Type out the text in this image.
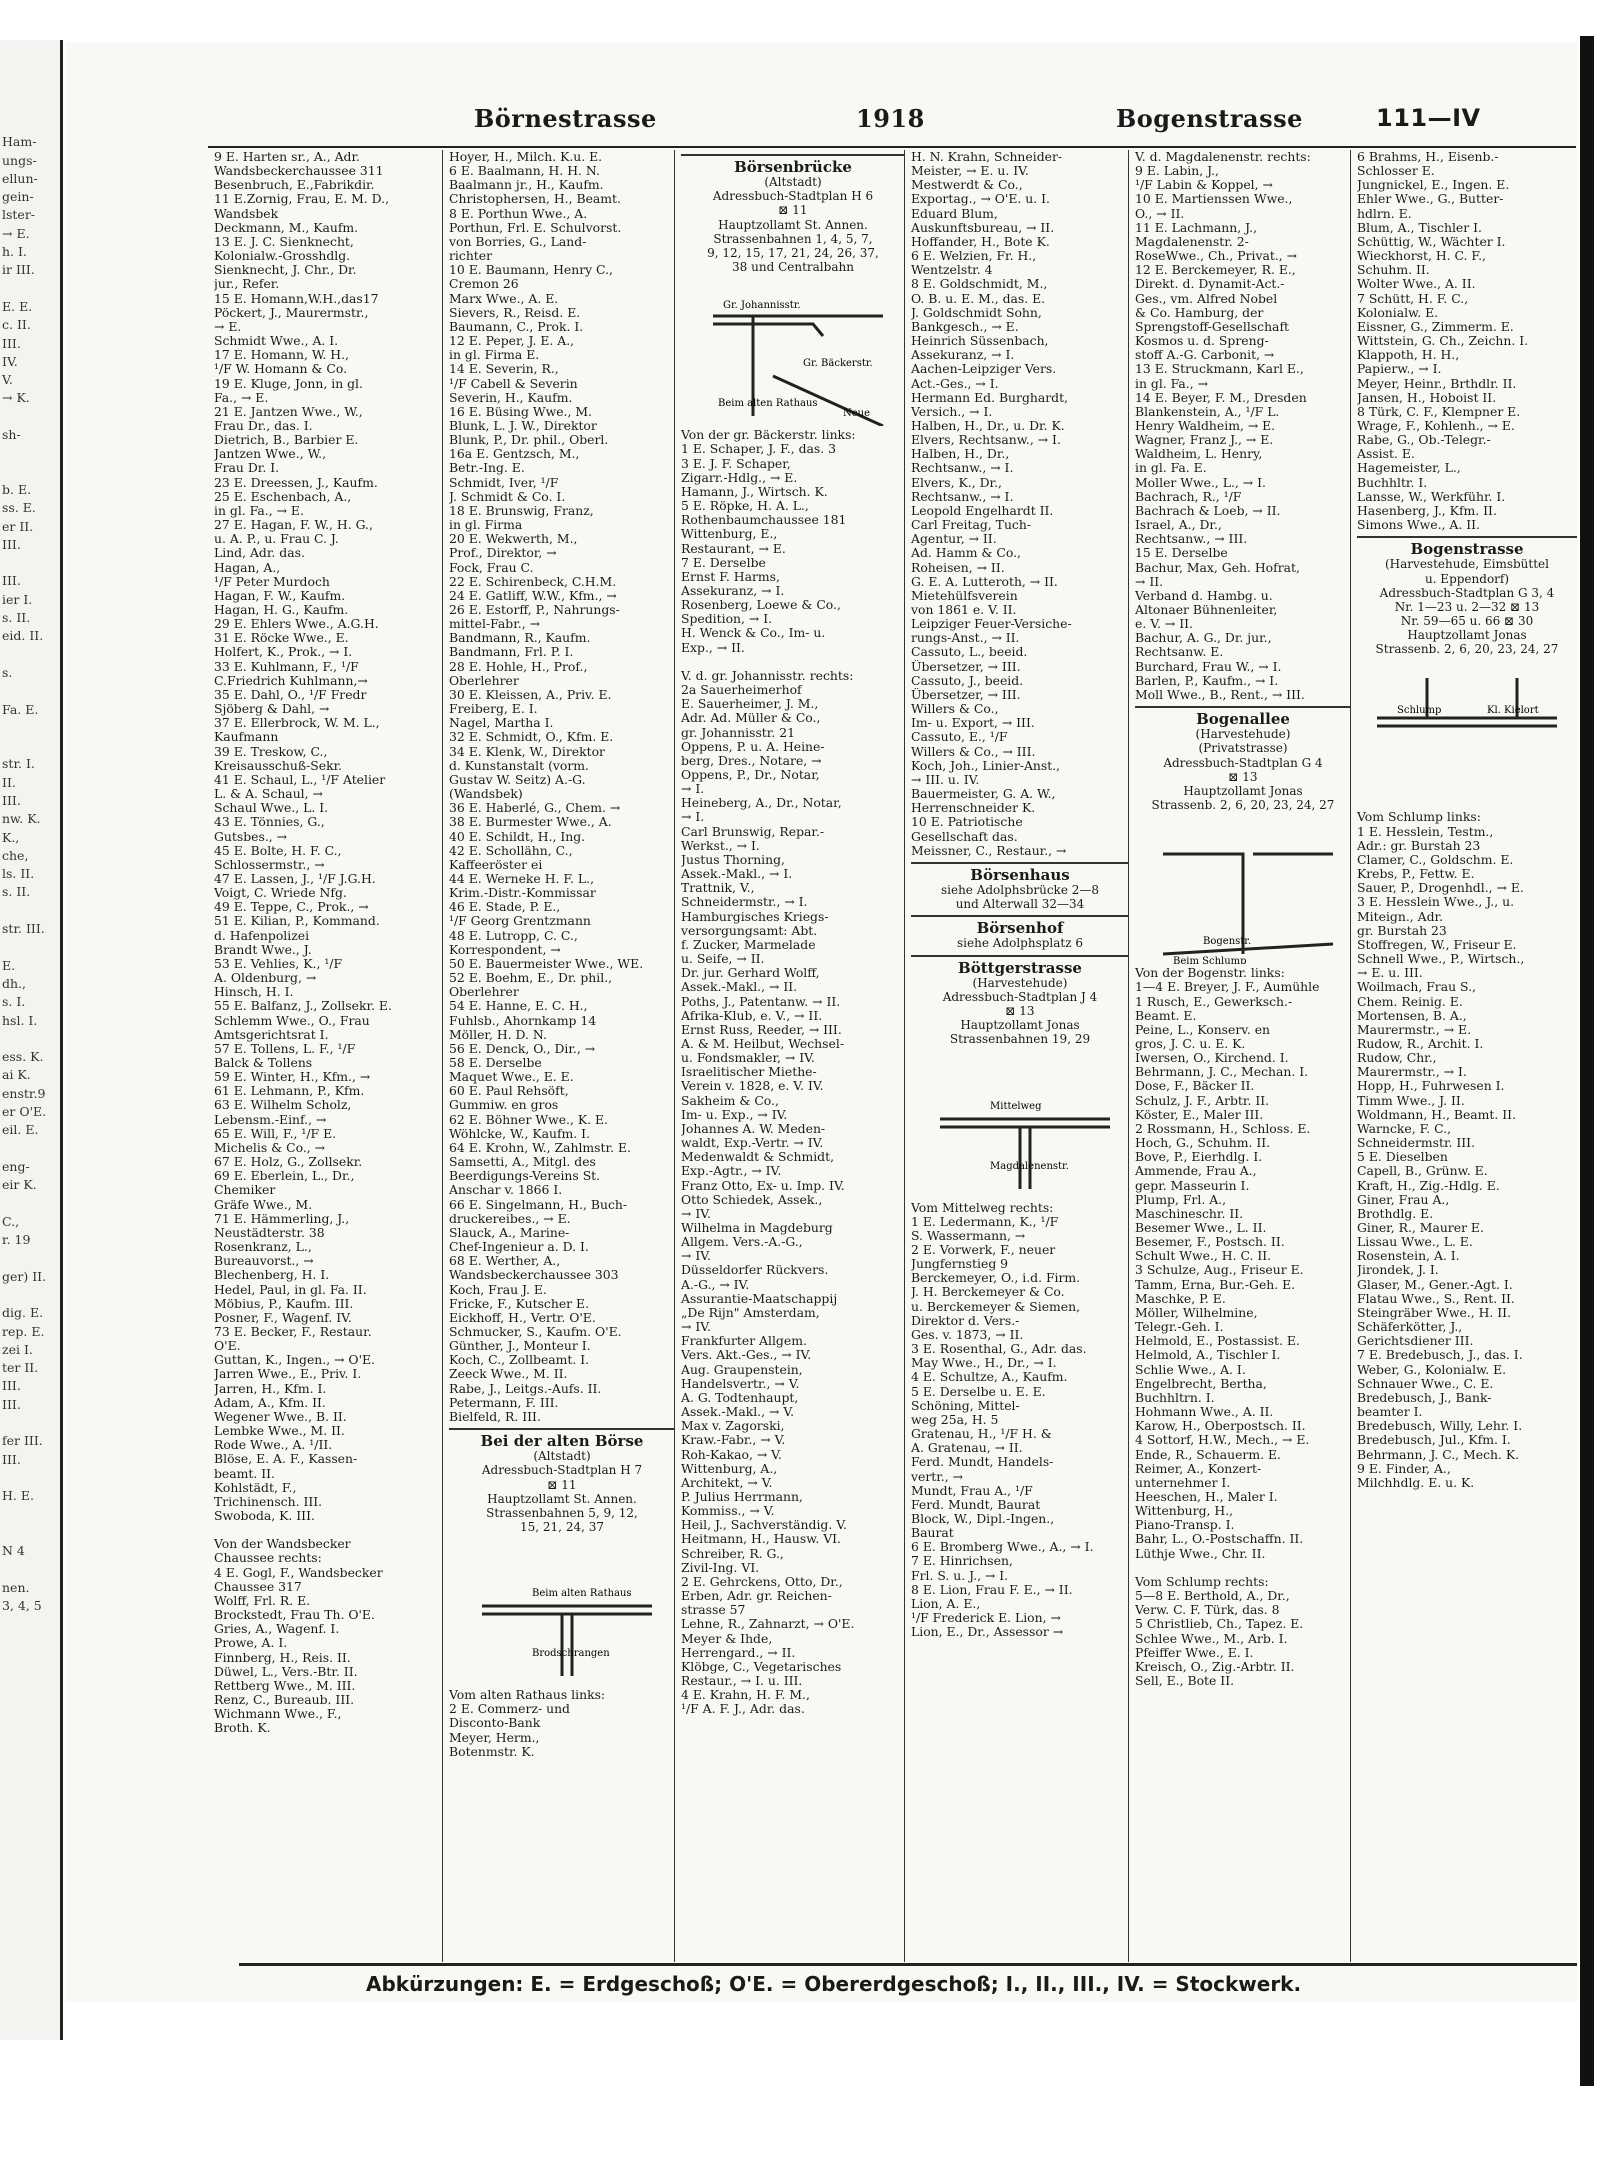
Ham-
ungs-
ellun-
gein-
lster-
→ E.
h. I.
ir III.

E. E.
c. II.
III.
IV.
V.
→ K.

sh-

b. E.
ss. E.
er II.
III.

III.
ier I.
s. II.
eid. II.

s.

Fa. E.

str. I.
II.
III.
nw. K.
K.,
che,
ls. II.
s. II.

str. III.

E.
dh.,
s. I.
hsl. I.

ess. K.
ai K.
enstr.9
er O'E.
eil. E.

eng-
eir K.

C.,
r. 19

ger) II.

dig. E.
rep. E.
zei I.
ter II.
III.
III.

fer III.
III.

H. E.

N 4

nen.
3, 4, 5
Börnestrasse	1918	Bogenstrasse	111—IV
9 E. Harten sr., A., Adr.
Wandsbeckerchaussee 311
Besenbruch, E.,Fabrikdir.
11 E.Zornig, Frau, E. M. D.,
Wandsbek
Deckmann, M., Kaufm.
13 E. J. C. Sienknecht,
Kolonialw.-Grosshdlg.
Sienknecht, J. Chr., Dr.
jur., Refer.
15 E. Homann,W.H.,das17
Pöckert, J., Maurermstr.,
→ E.
Schmidt Wwe., A. I.
17 E. Homann, W. H.,
¹/F W. Homann & Co.
19 E. Kluge, Jonn, in gl.
Fa., → E.
21 E. Jantzen Wwe., W.,
Frau Dr., das. I.
Dietrich, B., Barbier E.
Jantzen Wwe., W.,
Frau Dr. I.
23 E. Dreessen, J., Kaufm.
25 E. Eschenbach, A.,
in gl. Fa., → E.
27 E. Hagan, F. W., H. G.,
u. A. P., u. Frau C. J.
Lind, Adr. das.
Hagan, A.,
¹/F Peter Murdoch
Hagan, F. W., Kaufm.
Hagan, H. G., Kaufm.
29 E. Ehlers Wwe., A.G.H.
31 E. Röcke Wwe., E.
Holfert, K., Prok., → I.
33 E. Kuhlmann, F., ¹/F
C.Friedrich Kuhlmann,→
35 E. Dahl, O., ¹/F Fredr
Sjöberg & Dahl, →
37 E. Ellerbrock, W. M. L.,
Kaufmann
39 E. Treskow, C.,
Kreisausschuß-Sekr.
41 E. Schaul, L., ¹/F Atelier
L. & A. Schaul, →
Schaul Wwe., L. I.
43 E. Tönnies, G.,
Gutsbes., →
45 E. Bolte, H. F. C.,
Schlossermstr., →
47 E. Lassen, J., ¹/F J.G.H.
Voigt, C. Wriede Nfg.
49 E. Teppe, C., Prok., →
51 E. Kilian, P., Kommand.
d. Hafenpolizei
Brandt Wwe., J.
53 E. Vehlies, K., ¹/F
A. Oldenburg, →
Hinsch, H. I.
55 E. Balfanz, J., Zollsekr. E.
Schlemm Wwe., O., Frau
Amtsgerichtsrat I.
57 E. Tollens, L. F., ¹/F
Balck & Tollens
59 E. Winter, H., Kfm., →
61 E. Lehmann, P., Kfm.
63 E. Wilhelm Scholz,
Lebensm.-Einf., →
65 E. Will, F., ¹/F E.
Michelis & Co., →
67 E. Holz, G., Zollsekr.
69 E. Eberlein, L., Dr.,
Chemiker
Gräfe Wwe., M.
71 E. Hämmerling, J.,
Neustädterstr. 38
Rosenkranz, L.,
Bureauvorst., →
Blechenberg, H. I.
Hedel, Paul, in gl. Fa. II.
Möbius, P., Kaufm. III.
Posner, F., Wagenf. IV.
73 E. Becker, F., Restaur.
O'E.
Guttan, K., Ingen., → O'E.
Jarren Wwe., E., Priv. I.
Jarren, H., Kfm. I.
Adam, A., Kfm. II.
Wegener Wwe., B. II.
Lembke Wwe., M. II.
Rode Wwe., A. ¹/II.
Blöse, E. A. F., Kassen-
beamt. II.
Kohlstädt, F.,
Trichinensch. III.
Swoboda, K. III.

Von der Wandsbecker
Chaussee rechts:
4 E. Gogl, F., Wandsbecker
Chaussee 317
Wolff, Frl. R. E.
Brockstedt, Frau Th. O'E.
Gries, A., Wagenf. I.
Prowe, A. I.
Finnberg, H., Reis. II.
Düwel, L., Vers.-Btr. II.
Rettberg Wwe., M. III.
Renz, C., Bureaub. III.
Wichmann Wwe., F.,
Broth. K.
Hoyer, H., Milch. K.u. E.
6 E. Baalmann, H. H. N.
Baalmann jr., H., Kaufm.
Christophersen, H., Beamt.
8 E. Porthun Wwe., A.
Porthun, Frl. E. Schulvorst.
von Borries, G., Land-
richter
10 E. Baumann, Henry C.,
Cremon 26
Marx Wwe., A. E.
Sievers, R., Reisd. E.
Baumann, C., Prok. I.
12 E. Peper, J. E. A.,
in gl. Firma E.
14 E. Severin, R.,
¹/F Cabell & Severin
Severin, H., Kaufm.
16 E. Büsing Wwe., M.
Blunk, L. J. W., Direktor
Blunk, P., Dr. phil., Oberl.
16a E. Gentzsch, M.,
Betr.-Ing. E.
Schmidt, Iver, ¹/F
J. Schmidt & Co. I.
18 E. Brunswig, Franz,
in gl. Firma
20 E. Wekwerth, M.,
Prof., Direktor, →
Fock, Frau C.
22 E. Schirenbeck, C.H.M.
24 E. Gatliff, W.W., Kfm., →
26 E. Estorff, P., Nahrungs-
mittel-Fabr., →
Bandmann, R., Kaufm.
Bandmann, Frl. P. I.
28 E. Hohle, H., Prof.,
Oberlehrer
30 E. Kleissen, A., Priv. E.
Freiberg, E. I.
Nagel, Martha I.
32 E. Schmidt, O., Kfm. E.
34 E. Klenk, W., Direktor
d. Kunstanstalt (vorm.
Gustav W. Seitz) A.-G.
(Wandsbek)
36 E. Haberlé, G., Chem. →
38 E. Burmester Wwe., A.
40 E. Schildt, H., Ing.
42 E. Schollähn, C.,
Kaffeeröster ei
44 E. Werneke H. F. L.,
Krim.-Distr.-Kommissar
46 E. Stade, P. E.,
¹/F Georg Grentzmann
48 E. Lutropp, C. C.,
Korrespondent, →
50 E. Bauermeister Wwe., WE.
52 E. Boehm, E., Dr. phil.,
Oberlehrer
54 E. Hanne, E. C. H.,
Fuhlsb., Ahornkamp 14
Möller, H. D. N.
56 E. Denck, O., Dir., →
58 E. Derselbe
Maquet Wwe., E. E.
60 E. Paul Rehsöft,
Gummiw. en gros
62 E. Böhner Wwe., K. E.
Wöhlcke, W., Kaufm. I.
64 E. Krohn, W., Zahlmstr. E.
Samsetti, A., Mitgl. des
Beerdigungs-Vereins St.
Anschar v. 1866 I.
66 E. Singelmann, H., Buch-
druckereibes., → E.
Slauck, A., Marine-
Chef-Ingenieur a. D. I.
68 E. Werther, A.,
Wandsbeckerchaussee 303
Koch, Frau J. E.
Fricke, F., Kutscher E.
Eickhoff, H., Vertr. O'E.
Schmucker, S., Kaufm. O'E.
Günther, J., Monteur I.
Koch, C., Zollbeamt. I.
Zeeck Wwe., M. II.
Rabe, J., Leitgs.-Aufs. II.
Petermann, F. III.
Bielfeld, R. III.
Bei der alten Börse
(Altstadt)
Adressbuch-Stadtplan H 7
⊠ 11
Hauptzollamt St. Annen.
Strassenbahnen 5, 9, 12,
15, 21, 24, 37
Beim alten Rathaus
Brodschrangen
Vom alten Rathaus links:
2 E. Commerz- und
Disconto-Bank
Meyer, Herm.,
Botenmstr. K.
Börsenbrücke
(Altstadt)
Adressbuch-Stadtplan H 6
⊠ 11
Hauptzollamt St. Annen.
Strassenbahnen 1, 4, 5, 7,
9, 12, 15, 17, 21, 24, 26, 37,
38 und Centralbahn
Gr. Johannisstr.
Gr. Bäckerstr.
Beim alten Rathaus
Neue
Von der gr. Bäckerstr. links:
1 E. Schaper, J. F., das. 3
3 E. J. F. Schaper,
Zigarr.-Hdlg., → E.
Hamann, J., Wirtsch. K.
5 E. Röpke, H. A. L.,
Rothenbaumchaussee 181
Wittenburg, E.,
Restaurant, → E.
7 E. Derselbe
Ernst F. Harms,
Assekuranz, → I.
Rosenberg, Loewe & Co.,
Spedition, → I.
H. Wenck & Co., Im- u.
Exp., → II.

V. d. gr. Johannisstr. rechts:
2a Sauerheimerhof
E. Sauerheimer, J. M.,
Adr. Ad. Müller & Co.,
gr. Johannisstr. 21
Oppens, P. u. A. Heine-
berg, Dres., Notare, →
Oppens, P., Dr., Notar,
→ I.
Heineberg, A., Dr., Notar,
→ I.
Carl Brunswig, Repar.-
Werkst., → I.
Justus Thorning,
Assek.-Makl., → I.
Trattnik, V.,
Schneidermstr., → I.
Hamburgisches Kriegs-
versorgungsamt: Abt.
f. Zucker, Marmelade
u. Seife, → II.
Dr. jur. Gerhard Wolff,
Assek.-Makl., → II.
Poths, J., Patentanw. → II.
Afrika-Klub, e. V., → II.
Ernst Russ, Reeder, → III.
A. & M. Heilbut, Wechsel-
u. Fondsmakler, → IV.
Israelitischer Miethe-
Verein v. 1828, e. V. IV.
Sakheim & Co.,
Im- u. Exp., → IV.
Johannes A. W. Meden-
waldt, Exp.-Vertr. → IV.
Medenwaldt & Schmidt,
Exp.-Agtr., → IV.
Franz Otto, Ex- u. Imp. IV.
Otto Schiedek, Assek.,
→ IV.
Wilhelma in Magdeburg
Allgem. Vers.-A.-G.,
→ IV.
Düsseldorfer Rückvers.
A.-G., → IV.
Assurantie-Maatschappij
„De Rijn" Amsterdam,
→ IV.
Frankfurter Allgem.
Vers. Akt.-Ges., → IV.
Aug. Graupenstein,
Handelsvertr., → V.
A. G. Todtenhaupt,
Assek.-Makl., → V.
Max v. Zagorski,
Kraw.-Fabr., → V.
Roh-Kakao, → V.
Wittenburg, A.,
Architekt, → V.
P. Julius Herrmann,
Kommiss., → V.
Heil, J., Sachverständig. V.
Heitmann, H., Hausw. VI.
Schreiber, R. G.,
Zivil-Ing. VI.
2 E. Gehrckens, Otto, Dr.,
Erben, Adr. gr. Reichen-
strasse 57
Lehne, R., Zahnarzt, → O'E.
Meyer & Ihde,
Herrengard., → II.
Klöbge, C., Vegetarisches
Restaur., → I. u. III.
4 E. Krahn, H. F. M.,
¹/F A. F. J., Adr. das.
H. N. Krahn, Schneider-
Meister, → E. u. IV.
Mestwerdt & Co.,
Exportag., → O'E. u. I.
Eduard Blum,
Auskunftsbureau, → II.
Hoffander, H., Bote K.
6 E. Welzien, Fr. H.,
Wentzelstr. 4
8 E. Goldschmidt, M.,
O. B. u. E. M., das. E.
J. Goldschmidt Sohn,
Bankgesch., → E.
Heinrich Süssenbach,
Assekuranz, → I.
Aachen-Leipziger Vers.
Act.-Ges., → I.
Hermann Ed. Burghardt,
Versich., → I.
Halben, H., Dr., u. Dr. K.
Elvers, Rechtsanw., → I.
Halben, H., Dr.,
Rechtsanw., → I.
Elvers, K., Dr.,
Rechtsanw., → I.
Leopold Engelhardt II.
Carl Freitag, Tuch-
Agentur, → II.
Ad. Hamm & Co.,
Roheisen, → II.
G. E. A. Lutteroth, → II.
Mietehülfsverein
von 1861 e. V. II.
Leipziger Feuer-Versiche-
rungs-Anst., → II.
Cassuto, L., beeid.
Übersetzer, → III.
Cassuto, J., beeid.
Übersetzer, → III.
Willers & Co.,
Im- u. Export, → III.
Cassuto, E., ¹/F
Willers & Co., → III.
Koch, Joh., Linier-Anst.,
→ III. u. IV.
Bauermeister, G. A. W.,
Herrenschneider K.
10 E. Patriotische
Gesellschaft das.
Meissner, C., Restaur., →
Börsenhaus
siehe Adolphsbrücke 2—8
und Alterwall 32—34
Börsenhof
siehe Adolphsplatz 6
Böttgerstrasse
(Harvestehude)
Adressbuch-Stadtplan J 4
⊠ 13
Hauptzollamt Jonas
Strassenbahnen 19, 29
Mittelweg
Magdalenenstr.
Vom Mittelweg rechts:
1 E. Ledermann, K., ¹/F
S. Wassermann, →
2 E. Vorwerk, F., neuer
Jungfernstieg 9
Berckemeyer, O., i.d. Firm.
J. H. Berckemeyer & Co.
u. Berckemeyer & Siemen,
Direktor d. Vers.-
Ges. v. 1873, → II.
3 E. Rosenthal, G., Adr. das.
May Wwe., H., Dr., → I.
4 E. Schultze, A., Kaufm.
5 E. Derselbe u. E. E.
Schöning, Mittel-
weg 25a, H. 5
Gratenau, H., ¹/F H. &
A. Gratenau, → II.
Ferd. Mundt, Handels-
vertr., →
Mundt, Frau A., ¹/F
Ferd. Mundt, Baurat
Block, W., Dipl.-Ingen.,
Baurat
6 E. Bromberg Wwe., A., → I.
7 E. Hinrichsen,
Frl. S. u. J., → I.
8 E. Lion, Frau F. E., → II.
Lion, A. E.,
¹/F Frederick E. Lion, →
Lion, E., Dr., Assessor →
V. d. Magdalenenstr. rechts:
9 E. Labin, J.,
¹/F Labin & Koppel, →
10 E. Martienssen Wwe.,
O., → II.
11 E. Lachmann, J.,
Magdalenenstr. 2-
RoseWwe., Ch., Privat., →
12 E. Berckemeyer, R. E.,
Direkt. d. Dynamit-Act.-
Ges., vm. Alfred Nobel
& Co. Hamburg, der
Sprengstoff-Gesellschaft
Kosmos u. d. Spreng-
stoff A.-G. Carbonit, →
13 E. Struckmann, Karl E.,
in gl. Fa., →
14 E. Beyer, F. M., Dresden
Blankenstein, A., ¹/F L.
Henry Waldheim, → E.
Wagner, Franz J., → E.
Waldheim, L. Henry,
in gl. Fa. E.
Moller Wwe., L., → I.
Bachrach, R., ¹/F
Bachrach & Loeb, → II.
Israel, A., Dr.,
Rechtsanw., → III.
15 E. Derselbe
Bachur, Max, Geh. Hofrat,
→ II.
Verband d. Hambg. u.
Altonaer Bühnenleiter,
e. V. → II.
Bachur, A. G., Dr. jur.,
Rechtsanw. E.
Burchard, Frau W., → I.
Barlen, P., Kaufm., → I.
Moll Wwe., B., Rent., → III.
Bogenallee
(Harvestehude)
(Privatstrasse)
Adressbuch-Stadtplan G 4
⊠ 13
Hauptzollamt Jonas
Strassenb. 2, 6, 20, 23, 24, 27
Bogenstr.
Beim Schlump
Von der Bogenstr. links:
1—4 E. Breyer, J. F., Aumühle
1 Rusch, E., Gewerksch.-
Beamt. E.
Peine, L., Konserv. en
gros, J. C. u. E. K.
Iwersen, O., Kirchend. I.
Behrmann, J. C., Mechan. I.
Dose, F., Bäcker II.
Schulz, J. F., Arbtr. II.
Köster, E., Maler III.
2 Rossmann, H., Schloss. E.
Hoch, G., Schuhm. II.
Bove, P., Eierhdlg. I.
Ammende, Frau A.,
gepr. Masseurin I.
Plump, Frl. A.,
Maschineschr. II.
Besemer Wwe., L. II.
Besemer, F., Postsch. II.
Schult Wwe., H. C. II.
3 Schulze, Aug., Friseur E.
Tamm, Erna, Bur.-Geh. E.
Maschke, P. E.
Möller, Wilhelmine,
Telegr.-Geh. I.
Helmold, E., Postassist. E.
Helmold, A., Tischler I.
Schlie Wwe., A. I.
Engelbrecht, Bertha,
Buchhltrn. I.
Hohmann Wwe., A. II.
Karow, H., Oberpostsch. II.
4 Sottorf, H.W., Mech., → E.
Ende, R., Schauerm. E.
Reimer, A., Konzert-
unternehmer I.
Heeschen, H., Maler I.
Wittenburg, H.,
Piano-Transp. I.
Bahr, L., O.-Postschaffn. II.
Lüthje Wwe., Chr. II.

Vom Schlump rechts:
5—8 E. Berthold, A., Dr.,
Verw. C. F. Türk, das. 8
5 Christlieb, Ch., Tapez. E.
Schlee Wwe., M., Arb. I.
Pfeiffer Wwe., E. I.
Kreisch, O., Zig.-Arbtr. II.
Sell, E., Bote II.
6 Brahms, H., Eisenb.-
Schlosser E.
Jungnickel, E., Ingen. E.
Ehler Wwe., G., Butter-
hdlrn. E.
Blum, A., Tischler I.
Schüttig, W., Wächter I.
Wieckhorst, H. C. F.,
Schuhm. II.
Wolter Wwe., A. II.
7 Schütt, H. F. C.,
Kolonialw. E.
Eissner, G., Zimmerm. E.
Wittstein, G. Ch., Zeichn. I.
Klappoth, H. H.,
Papierw., → I.
Meyer, Heinr., Brthdlr. II.
Jansen, H., Hoboist II.
8 Türk, C. F., Klempner E.
Wrage, F., Kohlenh., → E.
Rabe, G., Ob.-Telegr.-
Assist. E.
Hagemeister, L.,
Buchhltr. I.
Lansse, W., Werkführ. I.
Hasenberg, J., Kfm. II.
Simons Wwe., A. II.
Bogenstrasse
(Harvestehude, Eimsbüttel
u. Eppendorf)
Adressbuch-Stadtplan G 3, 4
Nr. 1—23 u. 2—32 ⊠ 13
Nr. 59—65 u. 66 ⊠ 30
Hauptzollamt Jonas
Strassenb. 2, 6, 20, 23, 24, 27
Schlump	Kl. Kielort
Vom Schlump links:
1 E. Hesslein, Testm.,
Adr.: gr. Burstah 23
Clamer, C., Goldschm. E.
Krebs, P., Fettw. E.
Sauer, P., Drogenhdl., → E.
3 E. Hesslein Wwe., J., u.
Miteign., Adr.
gr. Burstah 23
Stoffregen, W., Friseur E.
Schnell Wwe., P., Wirtsch.,
→ E. u. III.
Woilmach, Frau S.,
Chem. Reinig. E.
Mortensen, B. A.,
Maurermstr., → E.
Rudow, R., Archit. I.
Rudow, Chr.,
Maurermstr., → I.
Hopp, H., Fuhrwesen I.
Timm Wwe., J. II.
Woldmann, H., Beamt. II.
Warncke, F. C.,
Schneidermstr. III.
5 E. Dieselben
Capell, B., Grünw. E.
Kraft, H., Zig.-Hdlg. E.
Giner, Frau A.,
Brothdlg. E.
Giner, R., Maurer E.
Lissau Wwe., L. E.
Rosenstein, A. I.
Jirondek, J. I.
Glaser, M., Gener.-Agt. I.
Flatau Wwe., S., Rent. II.
Steingräber Wwe., H. II.
Schäferkötter, J.,
Gerichtsdiener III.
7 E. Bredebusch, J., das. I.
Weber, G., Kolonialw. E.
Schnauer Wwe., C. E.
Bredebusch, J., Bank-
beamter I.
Bredebusch, Willy, Lehr. I.
Bredebusch, Jul., Kfm. I.
Behrmann, J. C., Mech. K.
9 E. Finder, A.,
Milchhdlg. E. u. K.
Abkürzungen: E. = Erdgeschoß; O'E. = Obererdgeschoß; I., II., III., IV. = Stockwerk.
